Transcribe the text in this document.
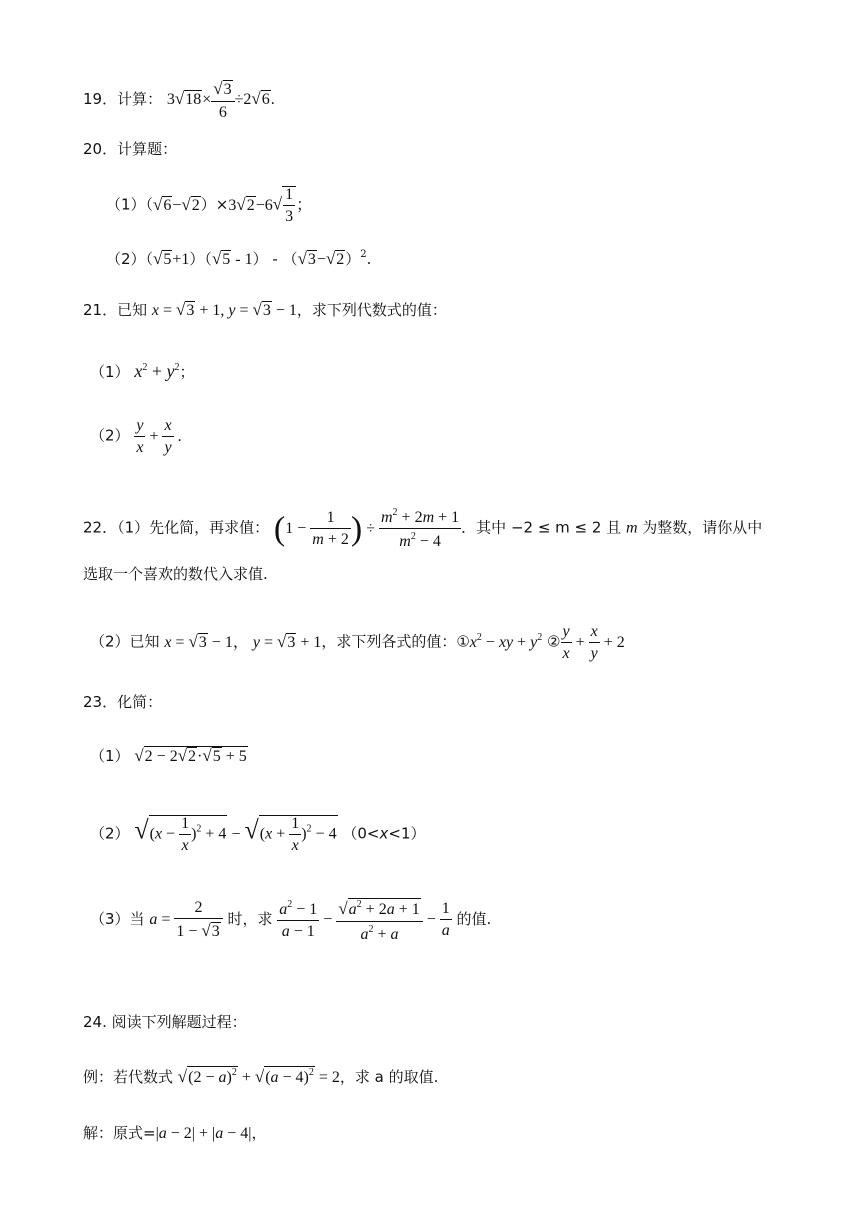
19．计算： $3√18\times \frac{√3}{6} \div 2√6$.
20．计算题：
$(1)(√6-√2)\times 3√2-6√ \frac{1}{3}$ ；
$(2)(√5+1)(√5 - 1) - (√3-√2)^2$.
21．已知 x = √3 + 1, y = √3 − 1，求下列代数式的值：
（1） $x^2 + y^2$；
$(2) \frac{y}{x} + \frac{x}{y}$ .
22．（1）先化简，再求值： ($1 - \frac{1}{m + 2}$ ) ÷ $\frac{m^2 + 2m + 1}{m^2 - 4}$ ．其中 −2 ≤ m ≤ 2 且 m 为整数，请你从中
选取一个喜欢的数代入求值.
（2）已知 x = √3 − 1， y = √3 + 1，求下列各式的值：$①x^2$ − xy + $y^2$ ② $\frac{y}{x} + \frac{x}{y} + 2$
23．化简：
（1） √2 − 2√2·√5 + 5
（2） $√(x - \frac{1}{x} )^2 + 4 - √(x + \frac{1}{x} )^2 - 4$ （0<x<1）
（3）当 $a = \frac{2}{1 - √3}$ 时，求 $\frac{a^2 - 1}{a - 1} - \frac{√a^2 + 2a + 1}{a^2 + a} - \frac{1}{a}$ 的值.
24. 阅读下列解题过程：
例：若代数式 $√(2 - a)^2 + √(a - 4)^2 = 2$，求 a 的取值.
解：原式=|a − 2| + |a − 4|，
